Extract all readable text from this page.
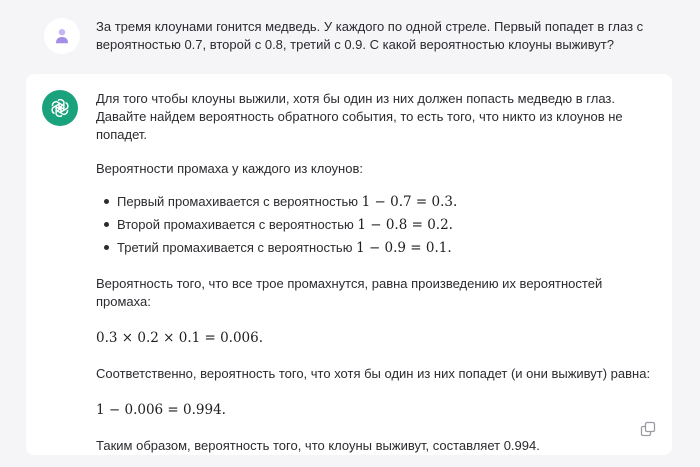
За тремя клоунами гонится медведь. У каждого по одной стреле. Первый попадет в глаз с вероятностью 0.7, второй с 0.8, третий с 0.9. С какой вероятностью клоуны выживут?

Для того чтобы клоуны выжили, хотя бы один из них должен попасть медведю в глаз. Давайте найдем вероятность обратного события, то есть того, что никто из клоунов не попадет.

Вероятности промаха у каждого из клоунов:

Первый промахивается с вероятностью 1 − 0.7 = 0.3.
Второй промахивается с вероятностью 1 − 0.8 = 0.2.
Третий промахивается с вероятностью 1 − 0.9 = 0.1.

Вероятность того, что все трое промахнутся, равна произведению их вероятностей промаха:

0.3 × 0.2 × 0.1 = 0.006.

Соответственно, вероятность того, что хотя бы один из них попадет (и они выживут) равна:

1 − 0.006 = 0.994.

Таким образом, вероятность того, что клоуны выживут, составляет 0.994.
